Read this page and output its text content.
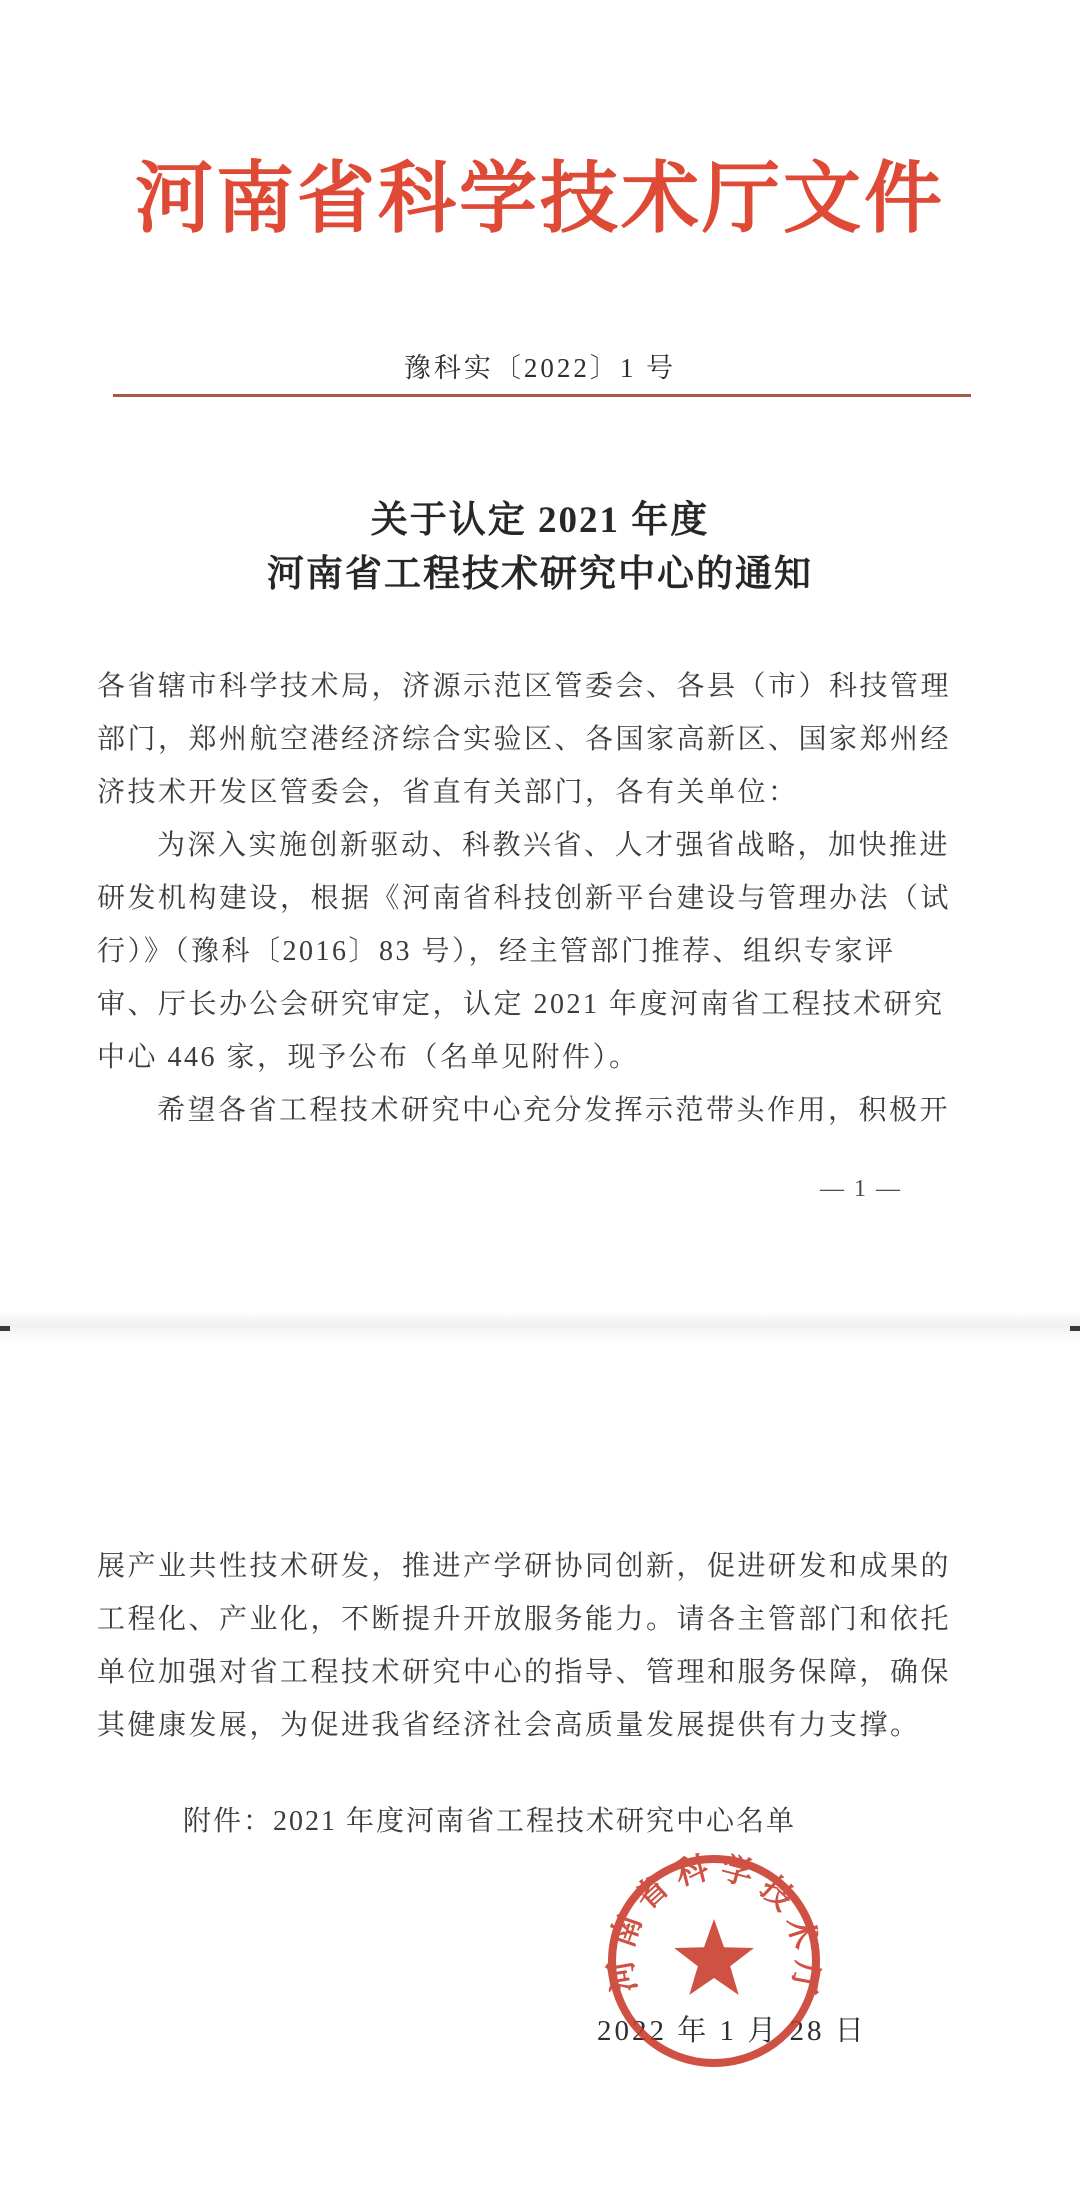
河南省科学技术厅文件
豫科实〔2022〕1 号
关于认定 2021 年度
河南省工程技术研究中心的通知
各省辖市科学技术局，济源示范区管委会、各县（市）科技管理
部门，郑州航空港经济综合实验区、各国家高新区、国家郑州经
济技术开发区管委会，省直有关部门，各有关单位：
为深入实施创新驱动、科教兴省、人才强省战略，加快推进
研发机构建设，根据《河南省科技创新平台建设与管理办法（试
行）》（豫科〔2016〕83 号），经主管部门推荐、组织专家评
审、厅长办公会研究审定，认定 2021 年度河南省工程技术研究
中心 446 家，现予公布（名单见附件）。
希望各省工程技术研究中心充分发挥示范带头作用，积极开
— 1 —
展产业共性技术研发，推进产学研协同创新，促进研发和成果的
工程化、产业化，不断提升开放服务能力。请各主管部门和依托
单位加强对省工程技术研究中心的指导、管理和服务保障，确保
其健康发展，为促进我省经济社会高质量发展提供有力支撑。
附件：2021 年度河南省工程技术研究中心名单
2022 年 1 月 28 日
河南省科学技术厅
